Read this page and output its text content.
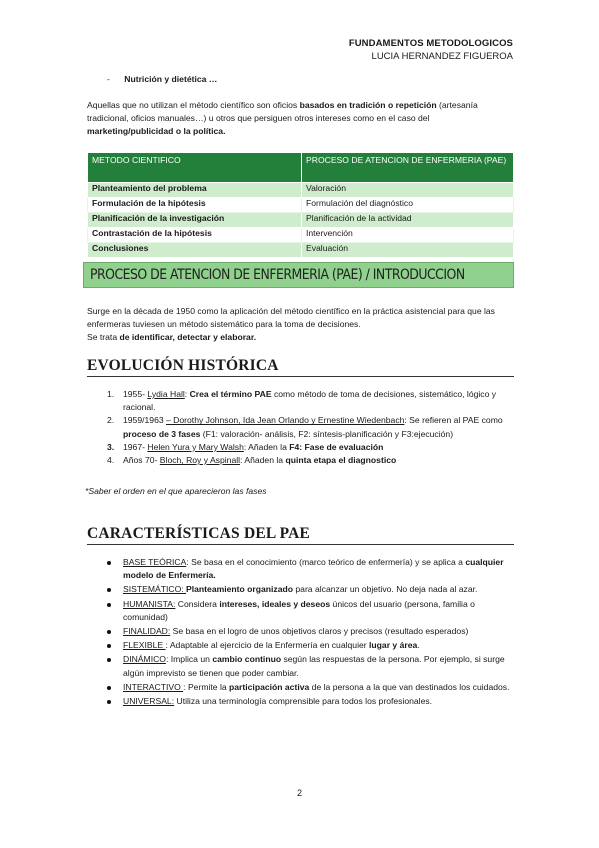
FUNDAMENTOS METODOLOGICOS
LUCIA HERNANDEZ FIGUEROA
- Nutrición y dietética …
Aquellas que no utilizan el método científico son oficios basados en tradición o repetición (artesanía tradicional, oficios manuales…) u otros que persiguen otros intereses como en el caso del marketing/publicidad o la política.
METODO CIENTIFICO	PROCESO DE ATENCION DE ENFERMERIA (PAE)
Planteamiento del problema	Valoración
Formulación de la hipótesis	Formulación del diagnóstico
Planificación de la investigación	Planificación de la actividad
Contrastación de la hipótesis	Intervención
Conclusiones	Evaluación
PROCESO DE ATENCION DE ENFERMERIA (PAE) / INTRODUCCION
Surge en la década de 1950 como la aplicación del método científico en la práctica asistencial para que las enfermeras tuviesen un método sistemático para la toma de decisiones.
Se trata de identificar, detectar y elaborar.
EVOLUCIÓN HISTÓRICA
1. 1955- Lydia Hall: Crea el término PAE como método de toma de decisiones, sistemático, lógico y racional.
2. 1959/1963 – Dorothy Johnson, Ida Jean Orlando y Ernestine Wiedenbach: Se refieren al PAE como proceso de 3 fases (F1: valoración- análisis, F2: síntesis-planificación y F3:ejecución)
3. 1967- Helen Yura y Mary Walsh: Añaden la F4: Fase de evaluación
4. Años 70- Bloch, Roy y Aspinall: Añaden la quinta etapa el diagnostico
*Saber el orden en el que aparecieron las fases
CARACTERÍSTICAS DEL PAE
BASE TEÓRICA: Se basa en el conocimiento (marco teórico de enfermería) y se aplica a cualquier modelo de Enfermería.
SISTEMÁTICO: Planteamiento organizado para alcanzar un objetivo. No deja nada al azar.
HUMANISTA: Considera intereses, ideales y deseos únicos del usuario (persona, familia o comunidad)
FINALIDAD: Se basa en el logro de unos objetivos claros y precisos (resultado esperados)
FLEXIBLE : Adaptable al ejercicio de la Enfermería en cualquier lugar y área.
DINÁMICO: Implica un cambio continuo según las respuestas de la persona. Por ejemplo, si surge algún imprevisto se tienen que poder cambiar.
INTERACTIVO : Permite la participación activa de la persona a la que van destinados los cuidados.
UNIVERSAL: Utiliza una terminología comprensible para todos los profesionales.
2
